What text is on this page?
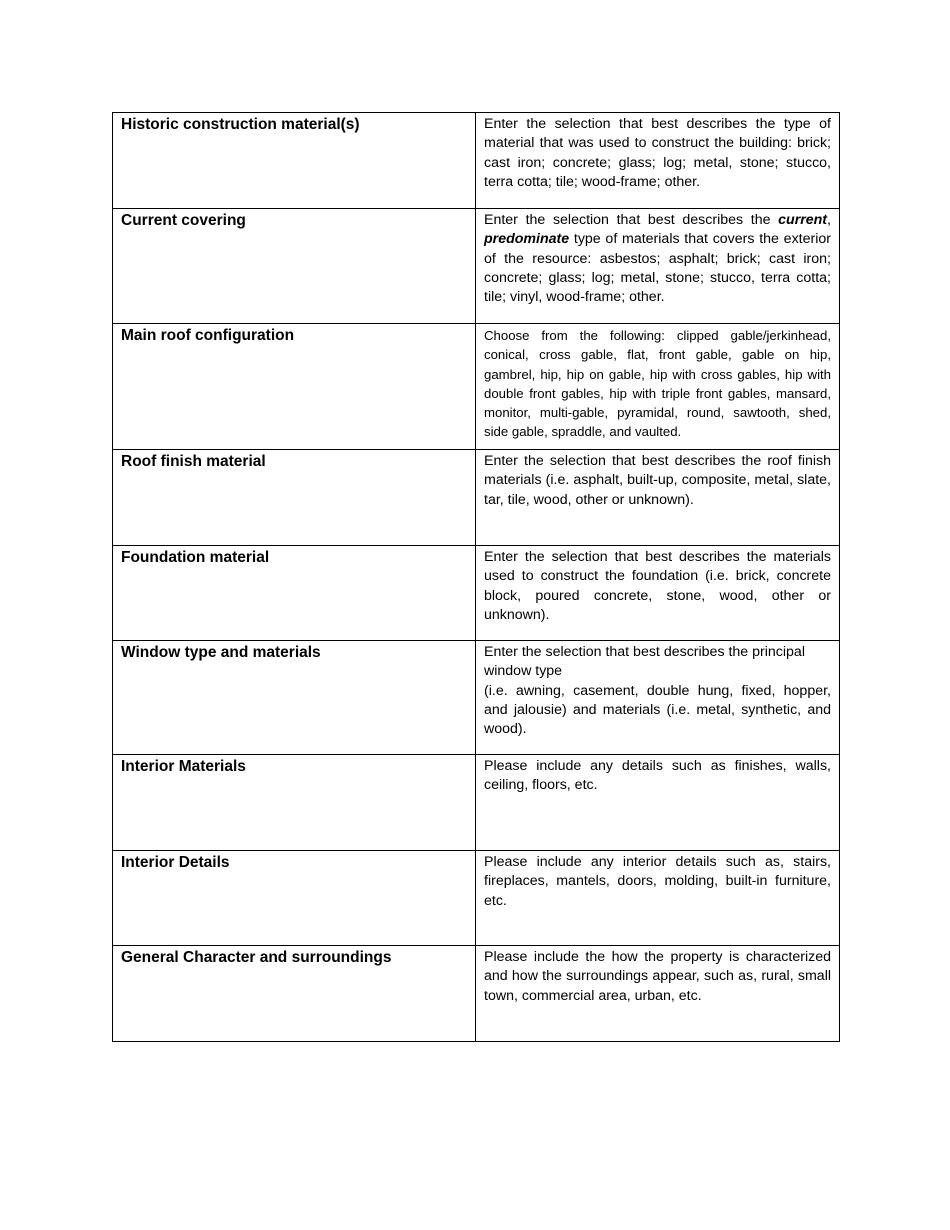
Historic construction material(s)	Enter the selection that best describes the type of material that was used to construct the building: brick; cast iron; concrete; glass; log; metal, stone; stucco, terra cotta; tile; wood-frame; other.

Current covering	Enter the selection that best describes the current, predominate type of materials that covers the exterior of the resource: asbestos; asphalt; brick; cast iron; concrete; glass; log; metal, stone; stucco, terra cotta; tile; vinyl, wood-frame; other.

Main roof configuration	Choose from the following: clipped gable/jerkinhead, conical, cross gable, flat, front gable, gable on hip, gambrel, hip, hip on gable, hip with cross gables, hip with double front gables, hip with triple front gables, mansard, monitor, multi-gable, pyramidal, round, sawtooth, shed, side gable, spraddle, and vaulted.

Roof finish material	Enter the selection that best describes the roof finish materials (i.e. asphalt, built-up, composite, metal, slate, tar, tile, wood, other or unknown).

Foundation material	Enter the selection that best describes the materials used to construct the foundation (i.e. brick, concrete block, poured concrete, stone, wood, other or unknown).

Window type and materials	Enter the selection that best describes the principal window type
(i.e. awning, casement, double hung, fixed, hopper, and jalousie) and materials (i.e. metal, synthetic, and wood).

Interior Materials	Please include any details such as finishes, walls, ceiling, floors, etc.

Interior Details	Please include any interior details such as, stairs, fireplaces, mantels, doors, molding, built-in furniture, etc.

General Character and surroundings	Please include the how the property is characterized and how the surroundings appear, such as, rural, small town, commercial area, urban, etc.
